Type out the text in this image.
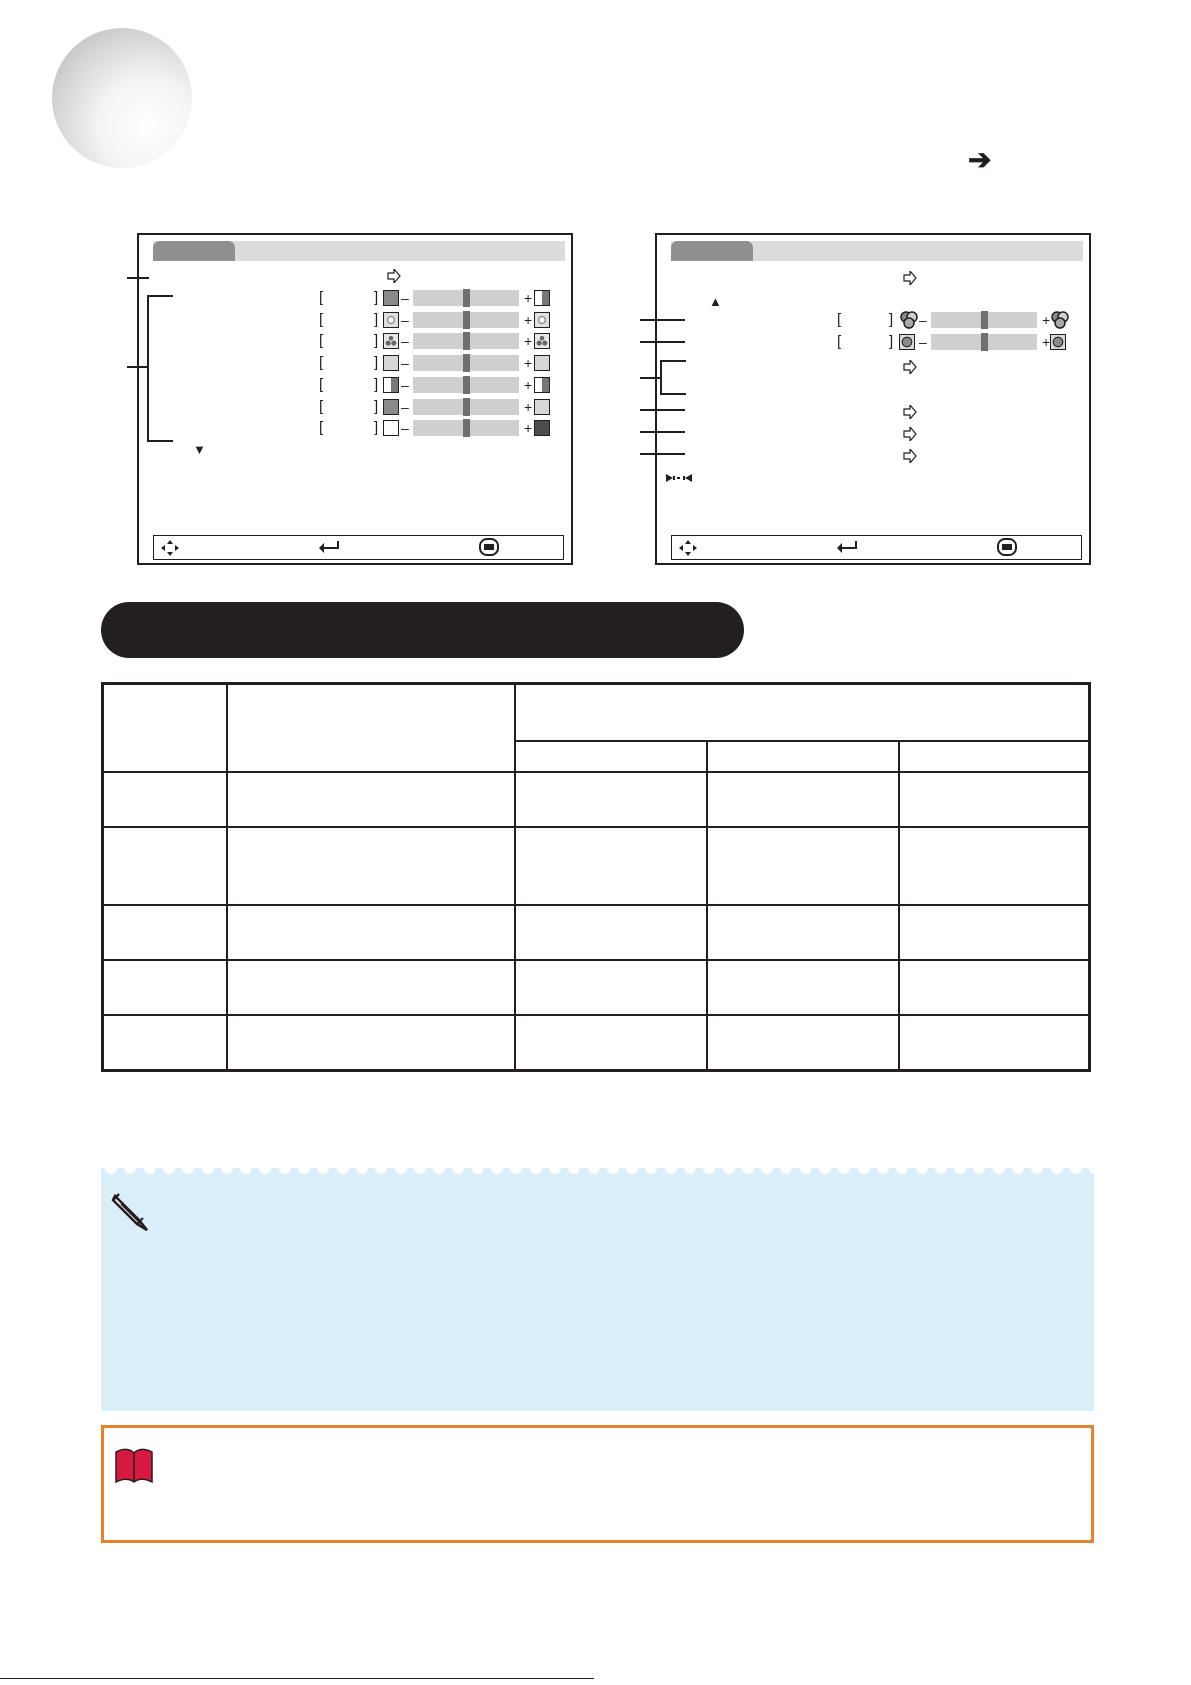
➔
[	] –	+
[	] –	+
[	] –	+
[	] –	+
[	] –	+
[	] –	+
[	] –	+
▼
▲
[	] –	+
[	] –	+
